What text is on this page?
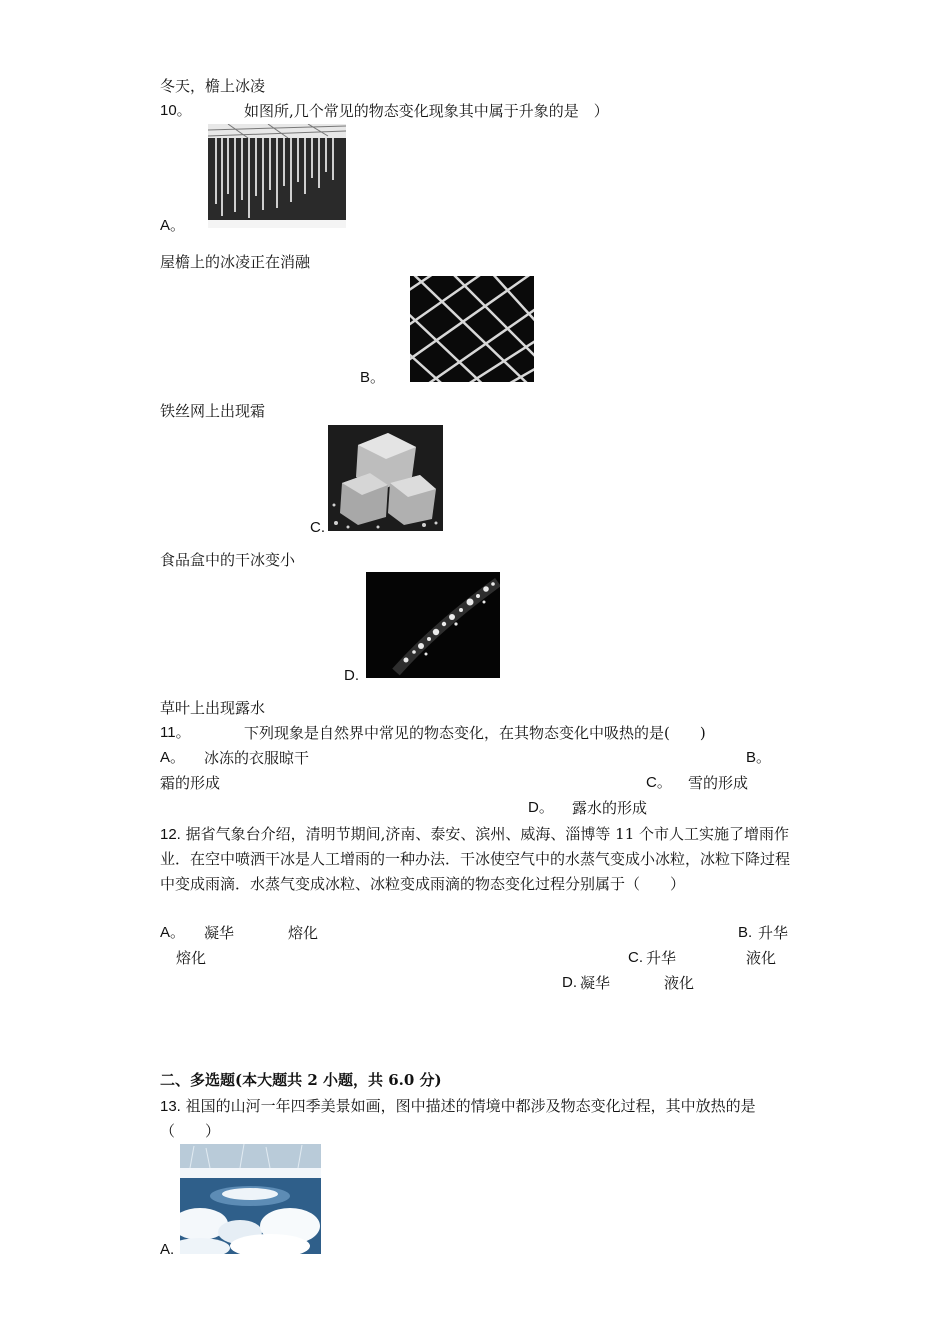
冬天，檐上冰凌
10。	如图所,几个常见的物态变化现象其中属于升象的是　）
A。
屋檐上的冰凌正在消融
B。
铁丝网上出现霜
C.
食品盒中的干冰变小
D.
草叶上出现露水
11。	下列现象是自然界中常见的物态变化，在其物态变化中吸热的是(　　)
A。 冰冻的衣服晾干	B。
霜的形成	C。 雪的形成
D。 露水的形成
12. 据省气象台介绍，清明节期间,济南、泰安、滨州、威海、淄博等 11 个市人工实施了增雨作业．在空中喷洒干冰是人工增雨的一种办法．干冰使空气中的水蒸气变成小冰粒，冰粒下降过程中变成雨滴．水蒸气变成冰粒、冰粒变成雨滴的物态变化过程分别属于（　　）
A。 凝华	熔化	B. 升华
熔化	C. 升华	液化
D. 凝华	液化
二、多选题(本大题共 2 小题，共 6.0 分)
13. 祖国的山河一年四季美景如画，图中描述的情境中都涉及物态变化过程，其中放热的是（　　）
A.
